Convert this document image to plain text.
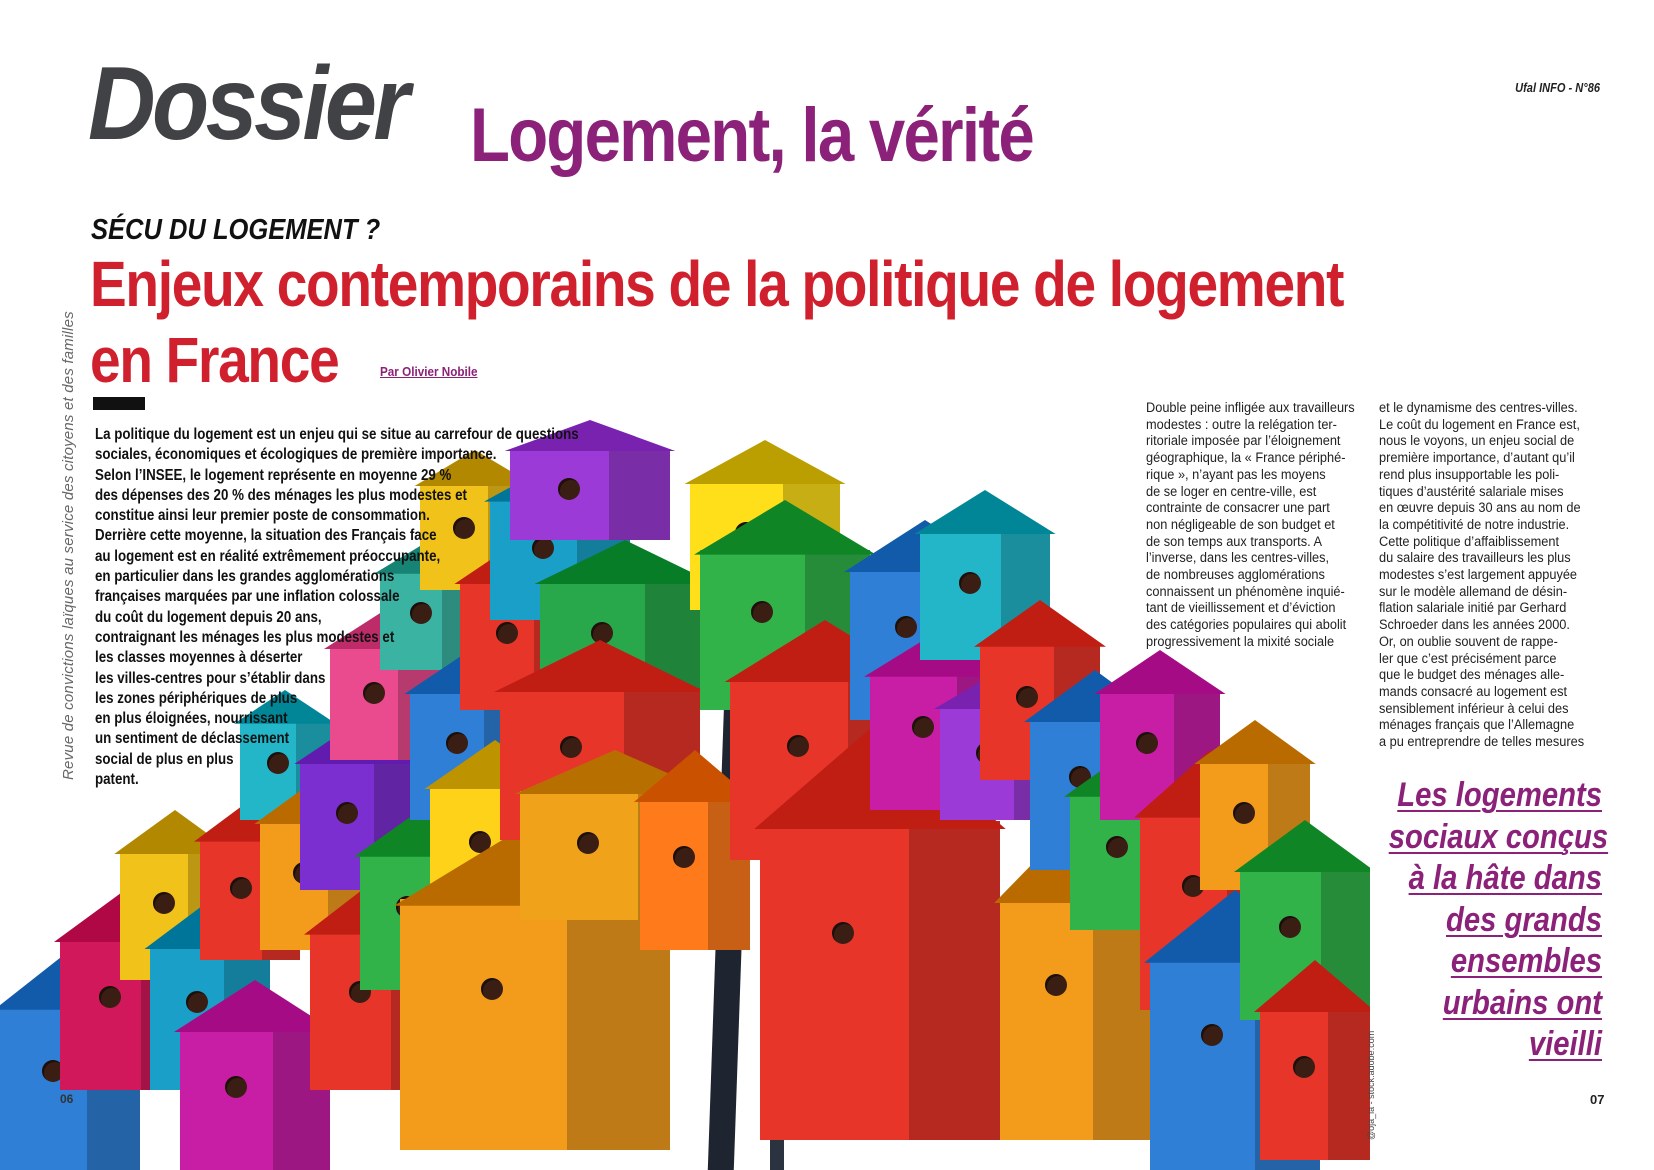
Dossier Logement, la vérité
Ufal INFO - N°86
SÉCU DU LOGEMENT ?
Enjeux contemporains de la politique de logement
en France	Par Olivier Nobile
Revue de convictions laïques au service des citoyens et des familles La politique du logement est un enjeu qui se situe au carrefour de questions
sociales, économiques et écologiques de première importance.
Selon l’INSEE, le logement représente en moyenne 29 %
des dépenses des 20 % des ménages les plus modestes et
constitue ainsi leur premier poste de consommation.
Derrière cette moyenne, la situation des Français face
au logement est en réalité extrêmement préoccupante,
en particulier dans les grandes agglomérations
françaises marquées par une inflation colossale
du coût du logement depuis 20 ans,
contraignant les ménages les plus modestes et
les classes moyennes à déserter
les villes-centres pour s’établir dans
les zones périphériques de plus
en plus éloignées, nourrissant
un sentiment de déclassement
social de plus en plus
patent.
Double peine infligée aux travailleurs
modestes : outre la relégation ter-
ritoriale imposée par l’éloignement
géographique, la « France périphé-
rique », n’ayant pas les moyens
de se loger en centre-ville, est
contrainte de consacrer une part
non négligeable de son budget et
de son temps aux transports. A
l’inverse, dans les centres-villes,
de nombreuses agglomérations
connaissent un phénomène inquié-
tant de vieillissement et d’éviction
des catégories populaires qui abolit
progressivement la mixité sociale
et le dynamisme des centres-villes.
Le coût du logement en France est,
nous le voyons, un enjeu social de
première importance, d’autant qu’il
rend plus insupportable les poli-
tiques d’austérité salariale mises
en œuvre depuis 30 ans au nom de
la compétitivité de notre industrie.
Cette politique d’affaiblissement
du salaire des travailleurs les plus
modestes s’est largement appuyée
sur le modèle allemand de désin-
flation salariale initié par Gerhard
Schroeder dans les années 2000.
Or, on oublie souvent de rappe-
ler que c’est précisément parce
que le budget des ménages alle-
mands consacré au logement est
sensiblement inférieur à celui des
ménages français que l’Allemagne
a pu entreprendre de telles mesures
Les logements
sociaux conçus
à la hâte dans
des grands
ensembles
urbains ont
vieilli
06	07
@oja_ia - stock.adobe.com
